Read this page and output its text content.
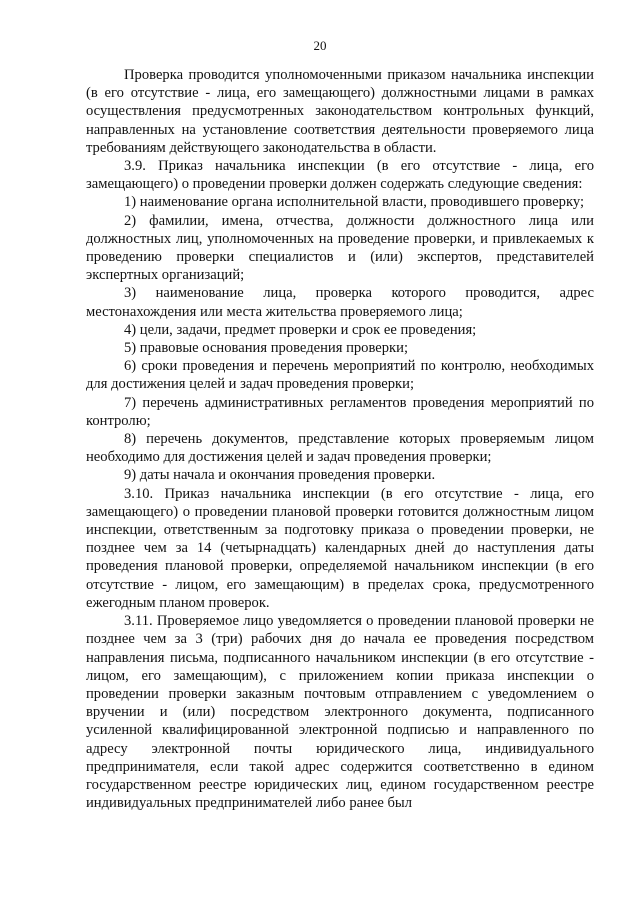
20

Проверка проводится уполномоченными приказом начальника инспекции (в его отсутствие - лица, его замещающего) должностными лицами в рамках осуществления предусмотренных законодательством контрольных функций, направленных на установление соответствия деятельности проверяемого лица требованиям действующего законодательства в области.

3.9. Приказ начальника инспекции (в его отсутствие - лица, его замещающего) о проведении проверки должен содержать следующие сведения:

1) наименование органа исполнительной власти, проводившего проверку;

2) фамилии, имена, отчества, должности должностного лица или должностных лиц, уполномоченных на проведение проверки, и привлекаемых к проведению проверки специалистов и (или) экспертов, представителей экспертных организаций;

3) наименование лица, проверка которого проводится, адрес местонахождения или места жительства проверяемого лица;

4) цели, задачи, предмет проверки и срок ее проведения;

5) правовые основания проведения проверки;

6) сроки проведения и перечень мероприятий по контролю, необходимых для достижения целей и задач проведения проверки;

7) перечень административных регламентов проведения мероприятий по контролю;

8) перечень документов, представление которых проверяемым лицом необходимо для достижения целей и задач проведения проверки;

9) даты начала и окончания проведения проверки.

3.10. Приказ начальника инспекции (в его отсутствие - лица, его замещающего) о проведении плановой проверки готовится должностным лицом инспекции, ответственным за подготовку приказа о проведении проверки, не позднее чем за 14 (четырнадцать) календарных дней до наступления даты проведения плановой проверки, определяемой начальником инспекции (в его отсутствие - лицом, его замещающим) в пределах срока, предусмотренного ежегодным планом проверок.

3.11. Проверяемое лицо уведомляется о проведении плановой проверки не позднее чем за 3 (три) рабочих дня до начала ее проведения посредством направления письма, подписанного начальником инспекции (в его отсутствие - лицом, его замещающим), с приложением копии приказа инспекции о проведении проверки заказным почтовым отправлением с уведомлением о вручении и (или) посредством электронного документа, подписанного усиленной квалифицированной электронной подписью и направленного по адресу электронной почты юридического лица, индивидуального предпринимателя, если такой адрес содержится соответственно в едином государственном реестре юридических лиц, едином государственном реестре индивидуальных предпринимателей либо ранее был
